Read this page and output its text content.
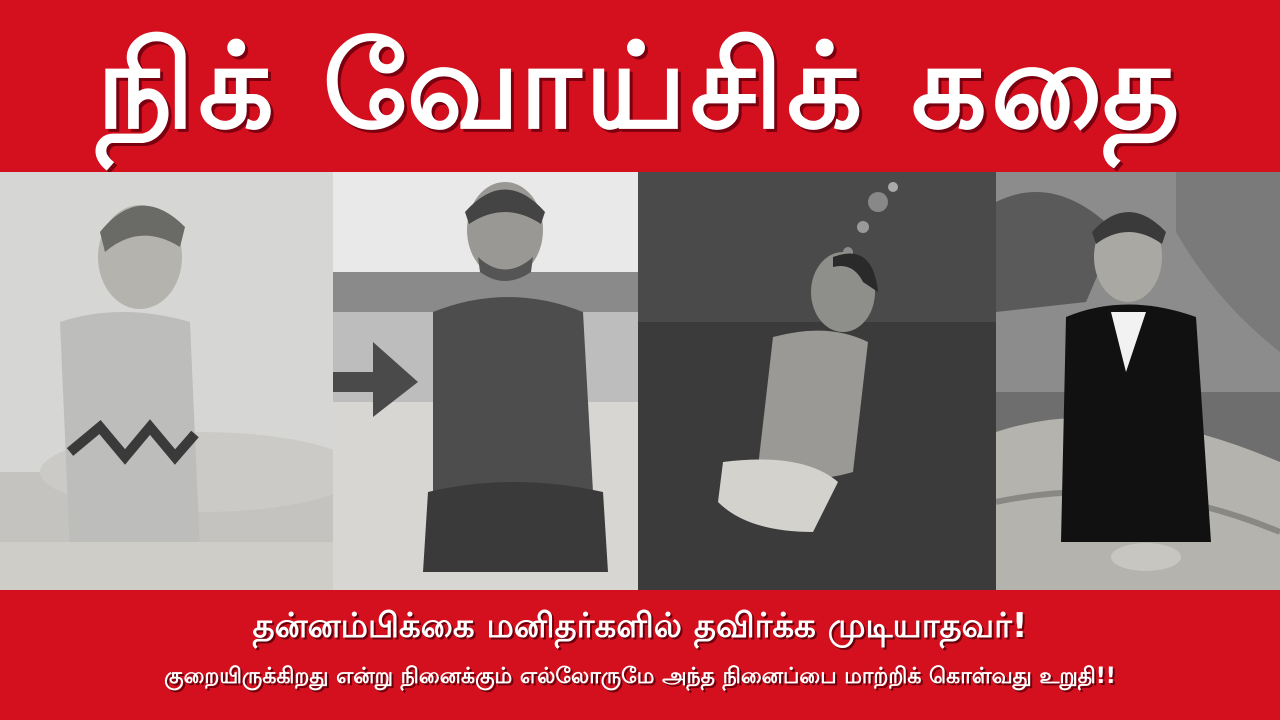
நிக் வோய்சிக் கதை
தன்னம்பிக்கை மனிதர்களில் தவிர்க்க முடியாதவர்!
குறையிருக்கிறது என்று நினைக்கும் எல்லோருமே அந்த நினைப்பை மாற்றிக் கொள்வது உறுதி!!
